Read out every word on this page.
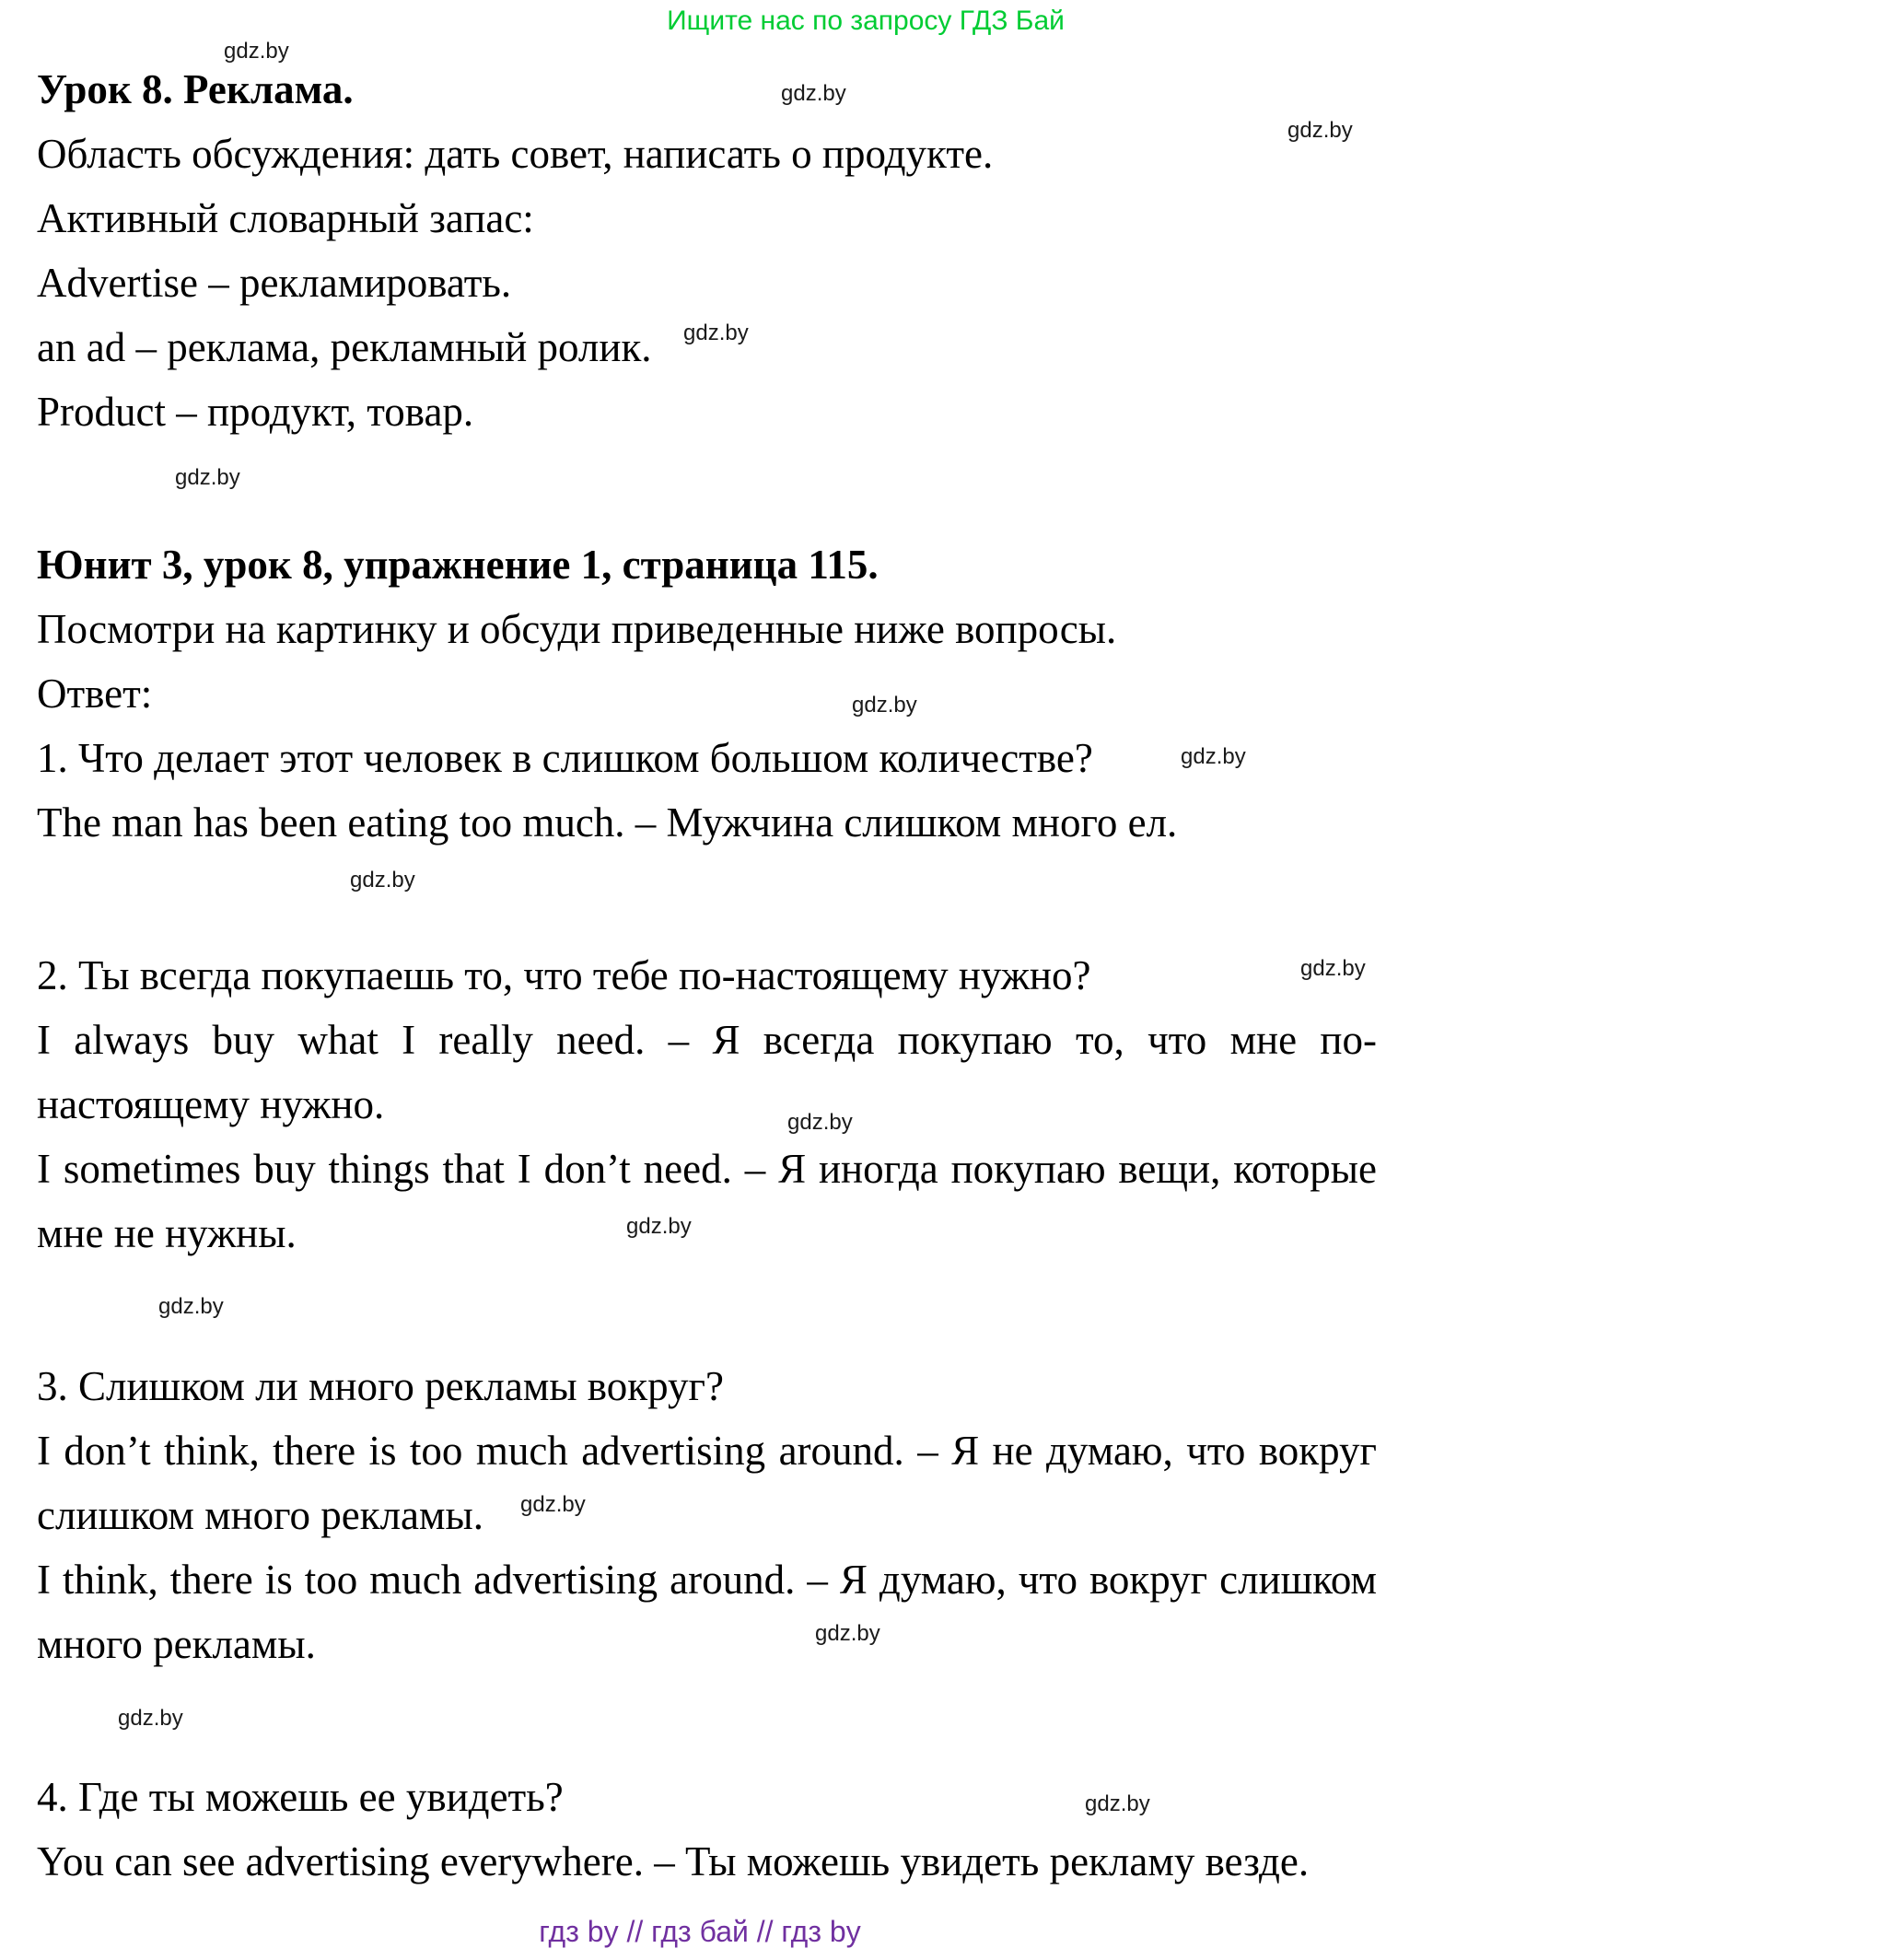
Ищите нас по запросу ГДЗ Бай
gdz.by
gdz.by
gdz.by
gdz.by
gdz.by
gdz.by
gdz.by
gdz.by
gdz.by
gdz.by
gdz.by
gdz.by
gdz.by
gdz.by
gdz.by
gdz.by

Урок 8. Реклама.

Область обсуждения: дать совет, написать о продукте.

Активный словарный запас:

Advertise – рекламировать.

an ad – реклама, рекламный ролик.

Product – продукт, товар.

Юнит 3, урок 8, упражнение 1, страница 115.

Посмотри на картинку и обсуди приведенные ниже вопросы.

Ответ:

1. Что делает этот человек в слишком большом количестве?

The man has been eating too much. – Мужчина слишком много ел.

2. Ты всегда покупаешь то, что тебе по-настоящему нужно?

I always buy what I really need. – Я всегда покупаю то, что мне по-настоящему нужно.

I sometimes buy things that I don’t need. – Я иногда покупаю вещи, которые мне не нужны.

3. Слишком ли много рекламы вокруг?

I don’t think, there is too much advertising around. – Я не думаю, что вокруг слишком много рекламы.

I think, there is too much advertising around. – Я думаю, что вокруг слишком много рекламы.

4. Где ты можешь ее увидеть?

You can see advertising everywhere. – Ты можешь увидеть рекламу везде.

гдз by // гдз бай // гдз by
